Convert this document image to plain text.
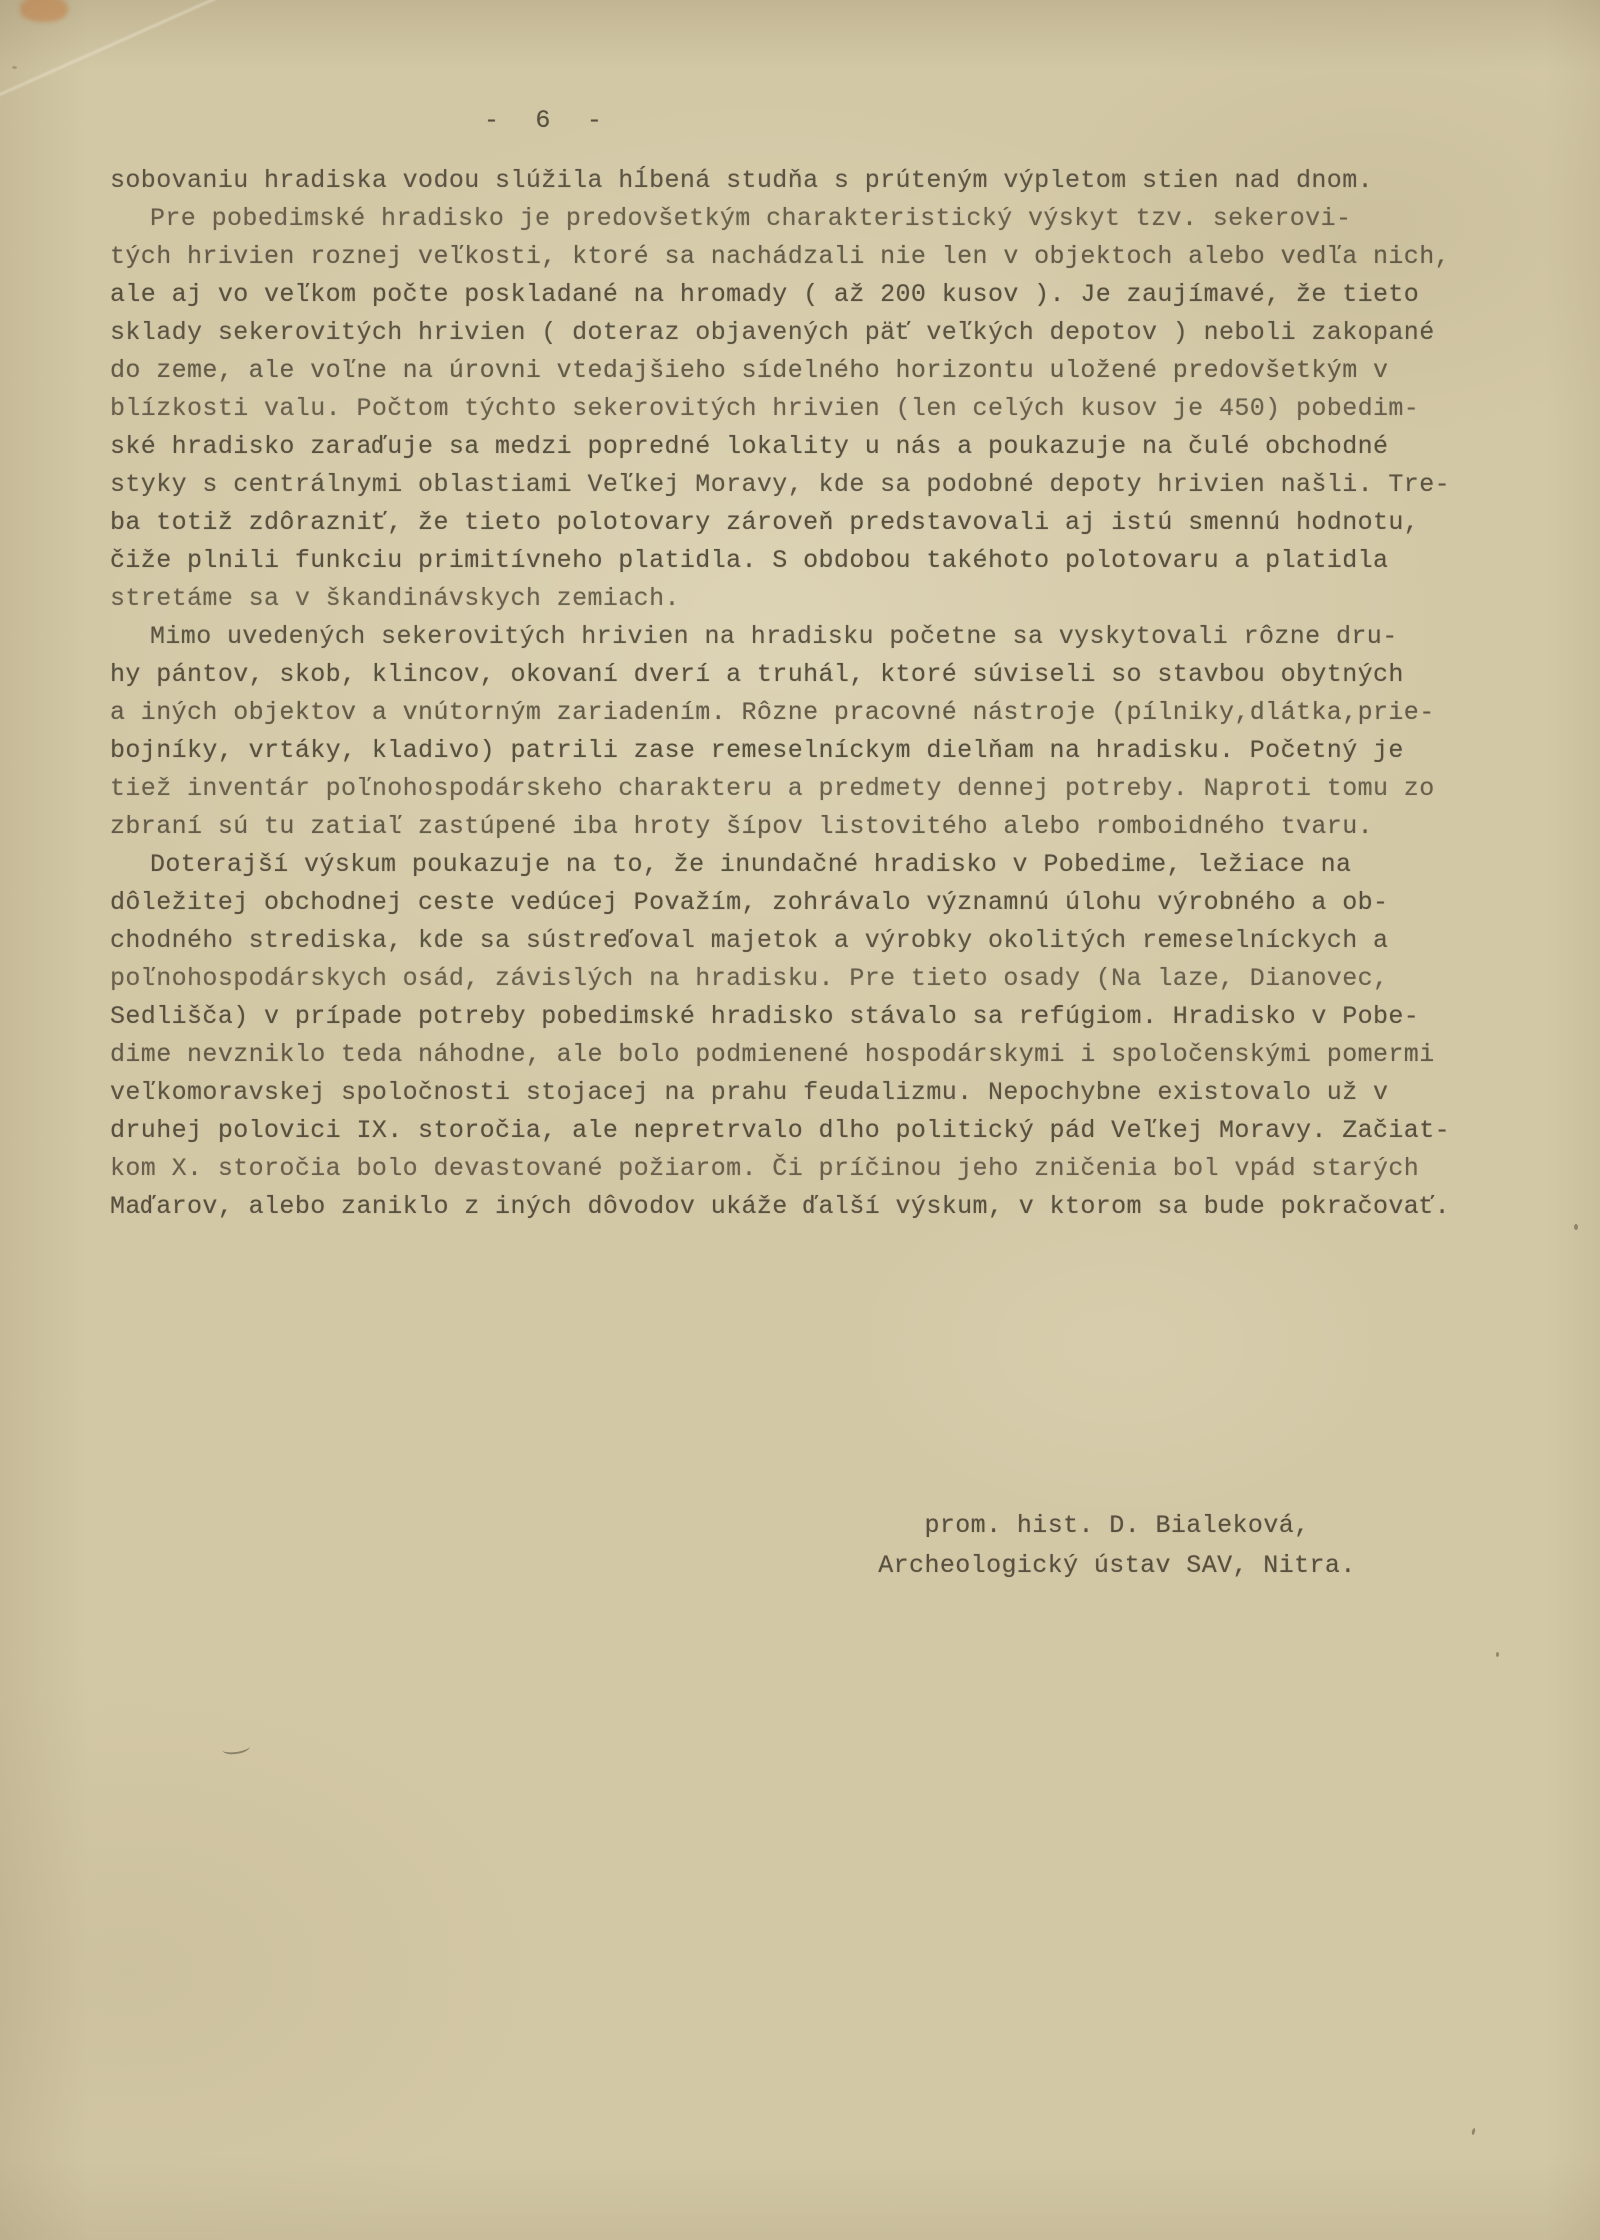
- 6 -
sobovaniu hradiska vodou slúžila hĺbená studňa s prúteným výpletom stien nad dnom.
Pre pobedimské hradisko je predovšetkým charakteristický výskyt tzv. sekerovi-
tých hrivien roznej veľkosti, ktoré sa nachádzali nie len v objektoch alebo vedľa nich,
ale aj vo veľkom počte poskladané na hromady ( až 200 kusov ). Je zaujímavé, že tieto
sklady sekerovitých hrivien ( doteraz objavených päť veľkých depotov ) neboli zakopané
do zeme, ale voľne na úrovni vtedajšieho sídelného horizontu uložené predovšetkým v
blízkosti valu. Počtom týchto sekerovitých hrivien (len celých kusov je 450) pobedim-
ské hradisko zaraďuje sa medzi popredné lokality u nás a poukazuje na čulé obchodné
styky s centrálnymi oblastiami Veľkej Moravy, kde sa podobné depoty hrivien našli. Tre-
ba totiž zdôrazniť, že tieto polotovary zároveň predstavovali aj istú smennú hodnotu,
čiže plnili funkciu primitívneho platidla. S obdobou takéhoto polotovaru a platidla
stretáme sa v škandinávskych zemiach.
Mimo uvedených sekerovitých hrivien na hradisku početne sa vyskytovali rôzne dru-
hy pántov, skob, klincov, okovaní dverí a truhál, ktoré súviseli so stavbou obytných
a iných objektov a vnútorným zariadením. Rôzne pracovné nástroje (pílniky,dlátka,prie-
bojníky, vrtáky, kladivo) patrili zase remeselníckym dielňam na hradisku. Početný je
tiež inventár poľnohospodárskeho charakteru a predmety dennej potreby. Naproti tomu zo
zbraní sú tu zatiaľ zastúpené iba hroty šípov listovitého alebo romboidného tvaru.
Doterajší výskum poukazuje na to, že inundačné hradisko v Pobedime, ležiace na
dôležitej obchodnej ceste vedúcej Považím, zohrávalo významnú úlohu výrobného a ob-
chodného strediska, kde sa sústreďoval majetok a výrobky okolitých remeselníckych a
poľnohospodárskych osád, závislých na hradisku. Pre tieto osady (Na laze, Dianovec,
Sedlišča) v prípade potreby pobedimské hradisko stávalo sa refúgiom. Hradisko v Pobe-
dime nevzniklo teda náhodne, ale bolo podmienené hospodárskymi i spoločenskými pomermi
veľkomoravskej spoločnosti stojacej na prahu feudalizmu. Nepochybne existovalo už v
druhej polovici IX. storočia, ale nepretrvalo dlho politický pád Veľkej Moravy. Začiat-
kom X. storočia bolo devastované požiarom. Či príčinou jeho zničenia bol vpád starých
Maďarov, alebo zaniklo z iných dôvodov ukáže ďalší výskum, v ktorom sa bude pokračovať.
prom. hist. D. Bialeková,
Archeologický ústav SAV, Nitra.
